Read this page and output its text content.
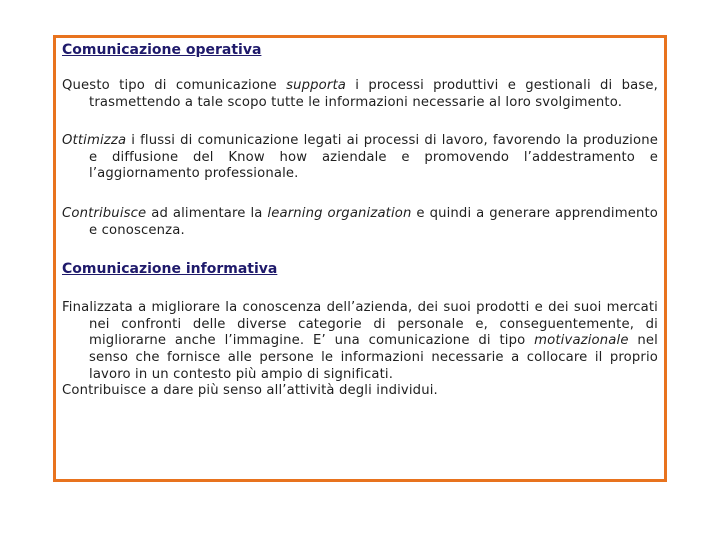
Comunicazione operativa

Questo tipo di comunicazione supporta i processi produttivi e gestionali di base, trasmettendo a tale scopo tutte le informazioni necessarie al loro svolgimento.

Ottimizza i flussi di comunicazione legati ai processi di lavoro, favorendo la produzione e diffusione del Know how aziendale e promovendo l’addestramento e l’aggiornamento professionale.

Contribuisce ad alimentare la learning organization e quindi a generare apprendimento e conoscenza.

Comunicazione informativa

Finalizzata a migliorare la conoscenza dell’azienda, dei suoi prodotti e dei suoi mercati nei confronti delle diverse categorie di personale e, conseguentemente, di migliorarne anche l’immagine. E’ una comunicazione di tipo motivazionale nel senso che fornisce alle persone le informazioni necessarie a collocare il proprio lavoro in un contesto più ampio di significati.

Contribuisce a dare più senso all’attività degli individui.
